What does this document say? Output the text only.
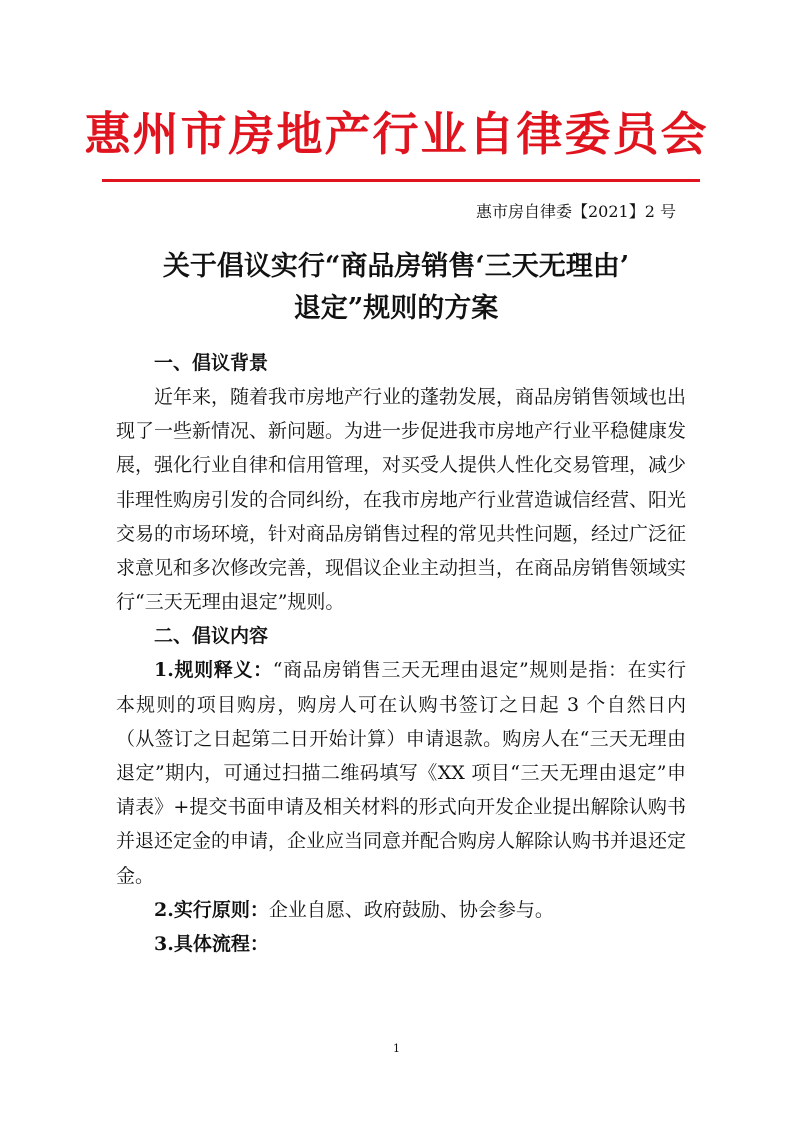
惠州市房地产行业自律委员会
惠市房自律委【2021】2 号
关于倡议实行“商品房销售‘三天无理由’
退定”规则的方案

一、倡议背景

近年来，随着我市房地产行业的蓬勃发展，商品房销售领域也出现了一些新情况、新问题。为进一步促进我市房地产行业平稳健康发展，强化行业自律和信用管理，对买受人提供人性化交易管理，减少非理性购房引发的合同纠纷，在我市房地产行业营造诚信经营、阳光交易的市场环境，针对商品房销售过程的常见共性问题，经过广泛征求意见和多次修改完善，现倡议企业主动担当，在商品房销售领域实行“三天无理由退定”规则。

二、倡议内容

1.规则释义：“商品房销售三天无理由退定”规则是指：在实行本规则的项目购房，购房人可在认购书签订之日起 3 个自然日内（从签订之日起第二日开始计算）申请退款。购房人在“三天无理由退定”期内，可通过扫描二维码填写《XX 项目“三天无理由退定”申请表》+提交书面申请及相关材料的形式向开发企业提出解除认购书并退还定金的申请，企业应当同意并配合购房人解除认购书并退还定金。

2.实行原则：企业自愿、政府鼓励、协会参与。

3.具体流程：

1
